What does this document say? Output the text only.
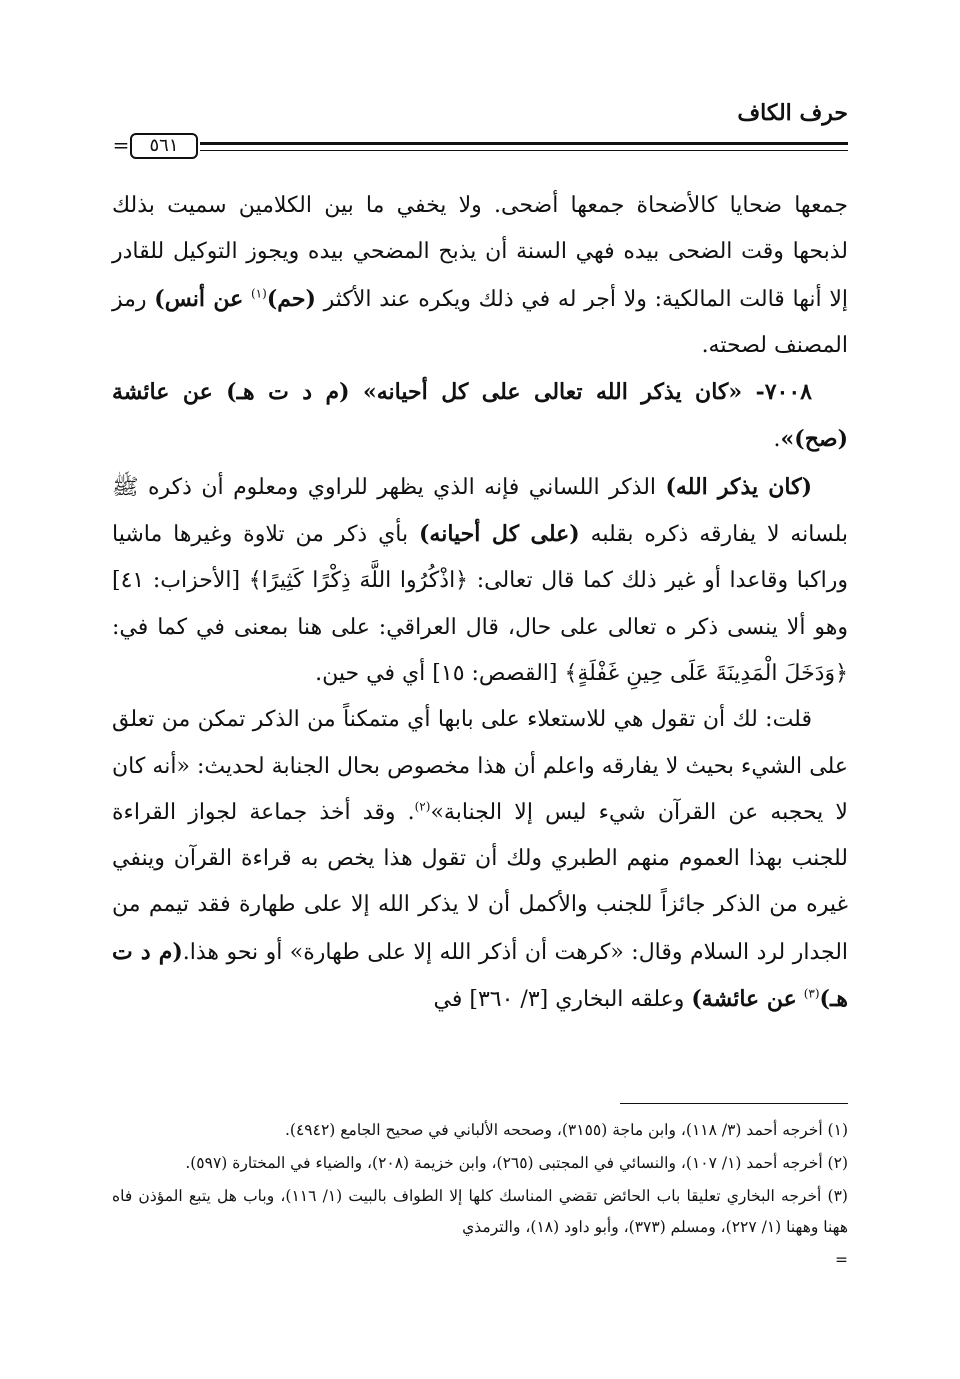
حرف الكاف
=	٥٦١

جمعها ضحايا كالأضحاة جمعها أضحى. ولا يخفي ما بين الكلامين سميت بذلك لذبحها وقت الضحى بيده فهي السنة أن يذبح المضحي بيده ويجوز التوكيل للقادر إلا أنها قالت المالكية: ولا أجر له في ذلك ويكره عند الأكثر (حم)$^{(١)}$ عن أنس) رمز المصنف لصحته.

٧٠٠٨- «كان يذكر الله تعالى على كل أحيانه» (م د ت هـ) عن عائشة (صح)».

(كان يذكر الله) الذكر اللساني فإنه الذي يظهر للراوي ومعلوم أن ذكره ﷺ بلسانه لا يفارقه ذكره بقلبه (على كل أحيانه) بأي ذكر من تلاوة وغيرها ماشيا وراكبا وقاعدا أو غير ذلك كما قال تعالى: ﴿اذْكُرُوا اللَّهَ ذِكْرًا كَثِيرًا﴾ [الأحزاب: ٤١] وهو ألا ينسى ذكر ه تعالى على حال، قال العراقي: على هنا بمعنى في كما في: ﴿وَدَخَلَ الْمَدِينَةَ عَلَى حِينِ غَفْلَةٍ﴾ [القصص: ١٥] أي في حين.

قلت: لك أن تقول هي للاستعلاء على بابها أي متمكناً من الذكر تمكن من تعلق على الشيء بحيث لا يفارقه واعلم أن هذا مخصوص بحال الجنابة لحديث: «أنه كان لا يحجبه عن القرآن شيء ليس إلا الجنابة»$^{(٢)}$. وقد أخذ جماعة لجواز القراءة للجنب بهذا العموم منهم الطبري ولك أن تقول هذا يخص به قراءة القرآن وينفي غيره من الذكر جائزاً للجنب والأكمل أن لا يذكر الله إلا على طهارة فقد تيمم من الجدار لرد السلام وقال: «كرهت أن أذكر الله إلا على طهارة» أو نحو هذا.(م د ت هـ)$^{(٣)}$ عن عائشة) وعلقه البخاري [٣/ ٣٦٠] في

(١) أخرجه أحمد (٣/ ١١٨)، وابن ماجة (٣١٥٥)، وصححه الألباني في صحيح الجامع (٤٩٤٢).

(٢) أخرجه أحمد (١/ ١٠٧)، والنسائي في المجتبى (٢٦٥)، وابن خزيمة (٢٠٨)، والضياء في المختارة (٥٩٧).

(٣) أخرجه البخاري تعليقا باب الحائض تقضي المناسك كلها إلا الطواف بالبيت (١/ ١١٦)، وباب هل يتبع المؤذن فاه ههنا وههنا (١/ ٢٢٧)، ومسلم (٣٧٣)، وأبو داود (١٨)، والترمذي

=
